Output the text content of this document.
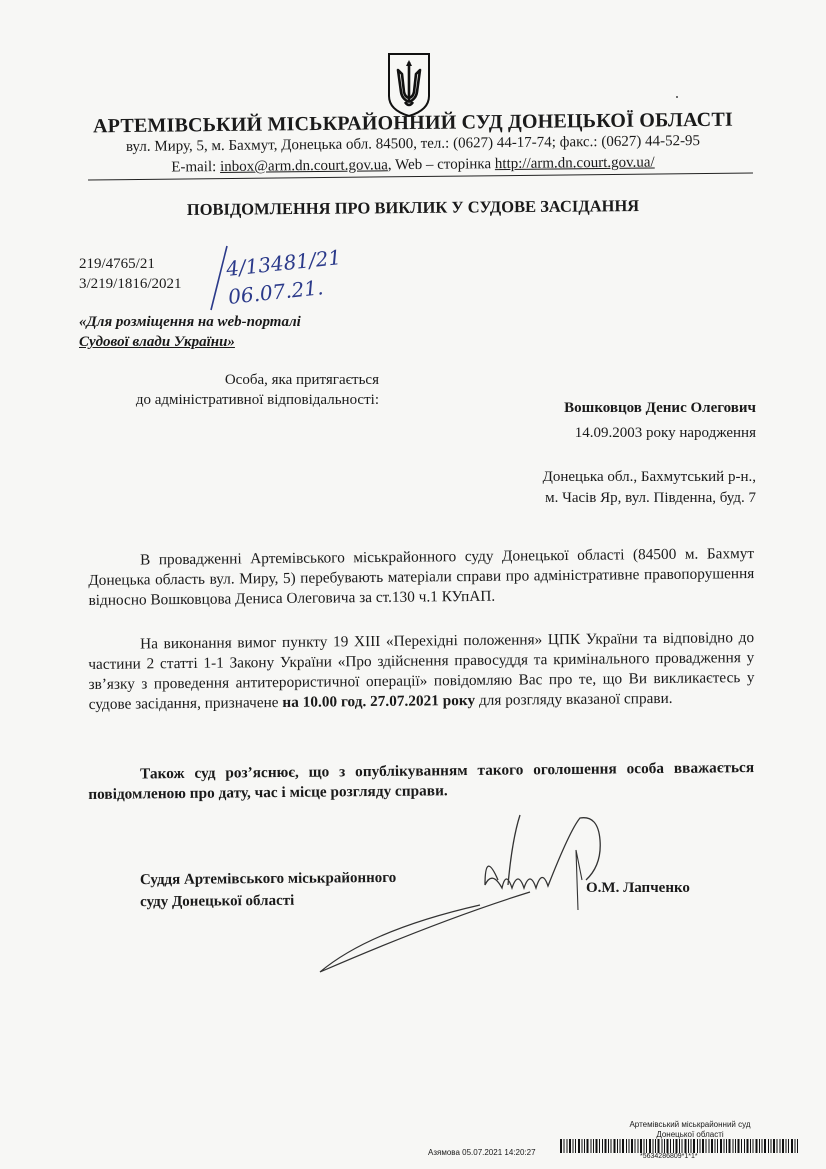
АРТЕМІВСЬКИЙ МІСЬКРАЙОННИЙ СУД ДОНЕЦЬКОЇ ОБЛАСТІ
вул. Миру, 5, м. Бахмут, Донецька обл. 84500, тел.: (0627) 44-17-74; факс.: (0627) 44-52-95
E-mail: inbox@arm.dn.court.gov.ua, Web – сторінка http://arm.dn.court.gov.ua/
ПОВІДОМЛЕННЯ ПРО ВИКЛИК У СУДОВЕ ЗАСІДАННЯ
219/4765/21
3/219/1816/2021
4/13481/21
06.07.21.
«Для розміщення на web-порталі
Судової влади України»
Особа, яка притягається
до адміністративної відповідальності:	Вошковцов Денис Олегович
14.09.2003 року народження
Донецька обл., Бахмутський р-н.,
м. Часів Яр, вул. Південна, буд. 7
В провадженні Артемівського міськрайонного суду Донецької області (84500 м. Бахмут Донецька область вул. Миру, 5) перебувають матеріали справи про адміністративне правопорушення відносно Вошковцова Дениса Олеговича за ст.130 ч.1 КУпАП.
На виконання вимог пункту 19 XIII «Перехідні положення» ЦПК України та відповідно до частини 2 статті 1-1 Закону України «Про здійснення правосуддя та кримінального провадження у зв’язку з проведення антитерористичної операції» повідомляю Вас про те, що Ви викликаєтесь у судове засідання, призначене на 10.00 год. 27.07.2021 року для розгляду вказаної справи.
Також суд роз’яснює, що з опублікуванням такого оголошення особа вважається повідомленою про дату, час і місце розгляду справи.
Суддя Артемівського міськрайонного
суду Донецької області
О.М. Лапченко
Артемівський міськрайонний суд
Донецької області
Азямова 05.07.2021 14:20:27	*5634286809*1*1*
